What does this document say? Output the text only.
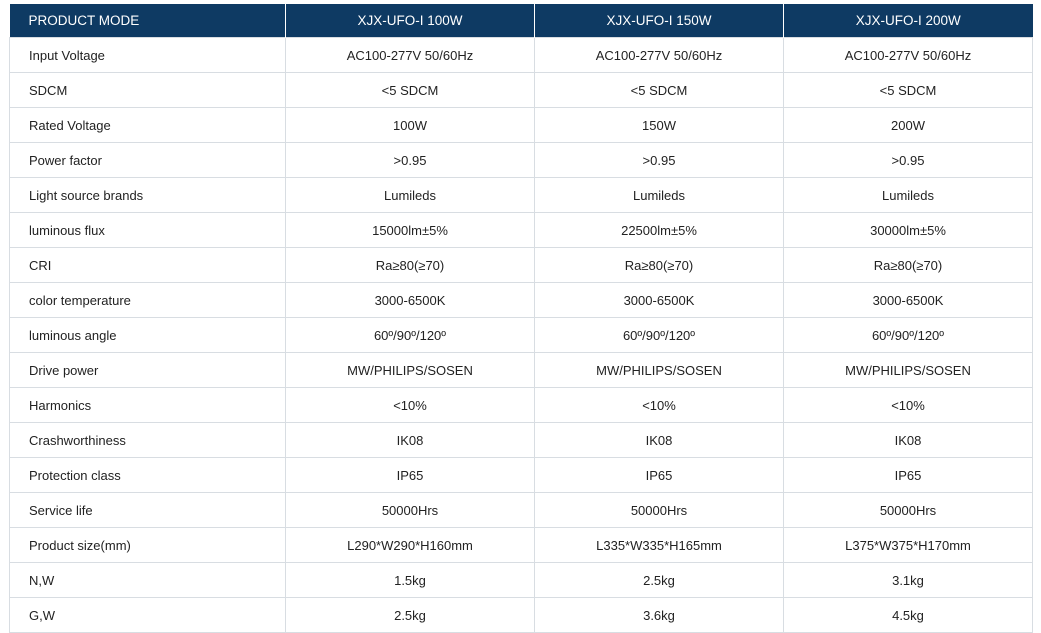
PRODUCT MODE	XJX-UFO-I 100W	XJX-UFO-I 150W	XJX-UFO-I 200W
Input Voltage	AC100-277V 50/60Hz	AC100-277V 50/60Hz	AC100-277V 50/60Hz
SDCM	<5 SDCM	<5 SDCM	<5 SDCM
Rated Voltage	100W	150W	200W
Power factor	>0.95	>0.95	>0.95
Light source brands	Lumileds	Lumileds	Lumileds
luminous flux	15000lm±5%	22500lm±5%	30000lm±5%
CRI	Ra≥80(≥70)	Ra≥80(≥70)	Ra≥80(≥70)
color temperature	3000-6500K	3000-6500K	3000-6500K
luminous angle	60º/90º/120º	60º/90º/120º	60º/90º/120º
Drive power	MW/PHILIPS/SOSEN	MW/PHILIPS/SOSEN	MW/PHILIPS/SOSEN
Harmonics	<10%	<10%	<10%
Crashworthiness	IK08	IK08	IK08
Protection class	IP65	IP65	IP65
Service life	50000Hrs	50000Hrs	50000Hrs
Product size(mm)	L290*W290*H160mm	L335*W335*H165mm	L375*W375*H170mm
N,W	1.5kg	2.5kg	3.1kg
G,W	2.5kg	3.6kg	4.5kg
